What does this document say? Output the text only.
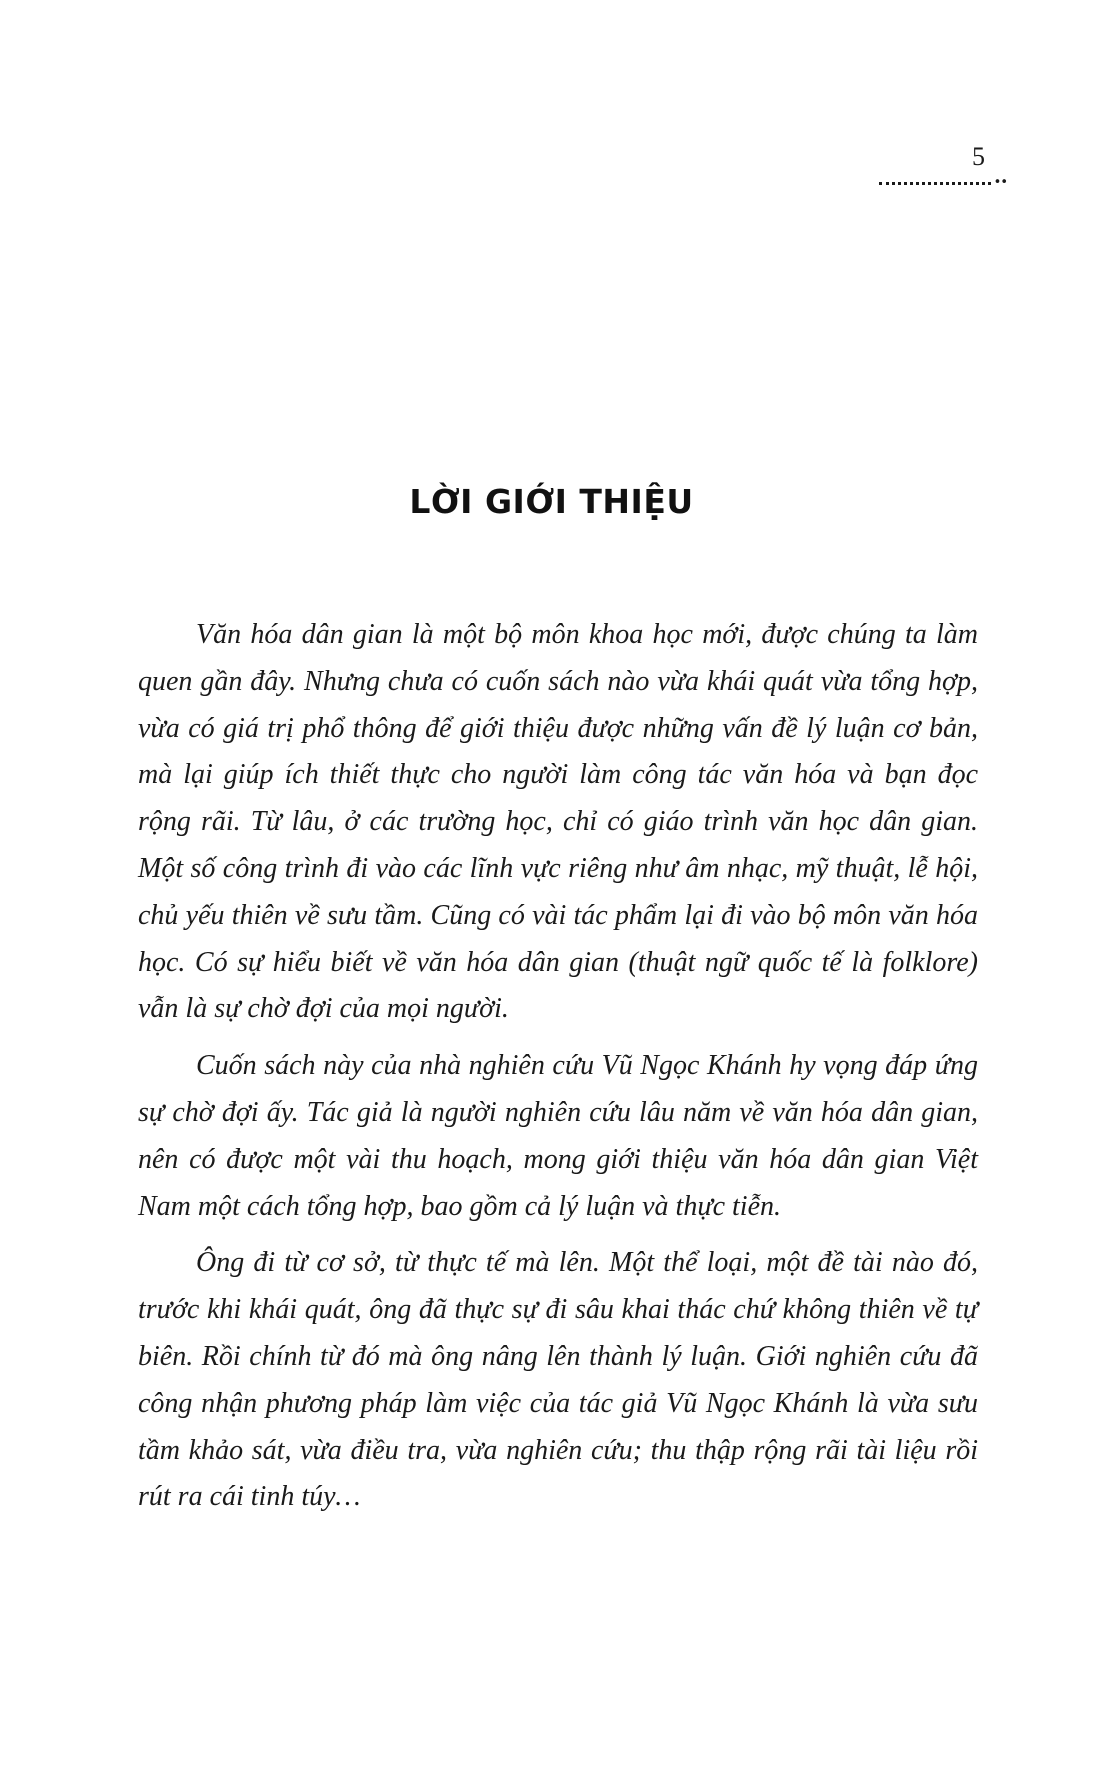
5
••
LỜI GIỚI THIỆU

Văn hóa dân gian là một bộ môn khoa học mới, được chúng ta làm quen gần đây. Nhưng chưa có cuốn sách nào vừa khái quát vừa tổng hợp, vừa có giá trị phổ thông để giới thiệu được những vấn đề lý luận cơ bản, mà lại giúp ích thiết thực cho người làm công tác văn hóa và bạn đọc rộng rãi. Từ lâu, ở các trường học, chỉ có giáo trình văn học dân gian. Một số công trình đi vào các lĩnh vực riêng như âm nhạc, mỹ thuật, lễ hội, chủ yếu thiên về sưu tầm. Cũng có vài tác phẩm lại đi vào bộ môn văn hóa học. Có sự hiểu biết về văn hóa dân gian (thuật ngữ quốc tế là folklore) vẫn là sự chờ đợi của mọi người.

Cuốn sách này của nhà nghiên cứu Vũ Ngọc Khánh hy vọng đáp ứng sự chờ đợi ấy. Tác giả là người nghiên cứu lâu năm về văn hóa dân gian, nên có được một vài thu hoạch, mong giới thiệu văn hóa dân gian Việt Nam một cách tổng hợp, bao gồm cả lý luận và thực tiễn.

Ông đi từ cơ sở, từ thực tế mà lên. Một thể loại, một đề tài nào đó, trước khi khái quát, ông đã thực sự đi sâu khai thác chứ không thiên về tự biên. Rồi chính từ đó mà ông nâng lên thành lý luận. Giới nghiên cứu đã công nhận phương pháp làm việc của tác giả Vũ Ngọc Khánh là vừa sưu tầm khảo sát, vừa điều tra, vừa nghiên cứu; thu thập rộng rãi tài liệu rồi rút ra cái tinh túy…
